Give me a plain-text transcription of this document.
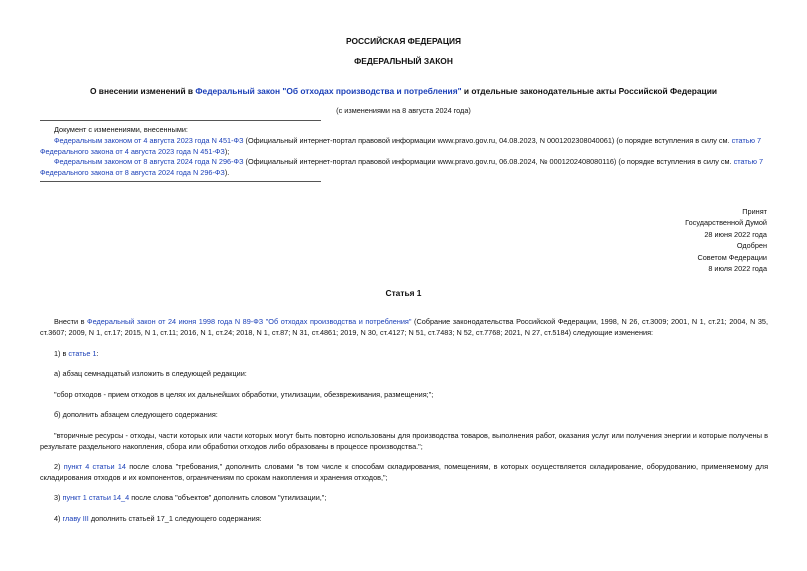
РОССИЙСКАЯ ФЕДЕРАЦИЯ
ФЕДЕРАЛЬНЫЙ ЗАКОН
О внесении изменений в Федеральный закон "Об отходах производства и потребления" и отдельные законодательные акты Российской Федерации
(с изменениями на 8 августа 2024 года)
Документ с изменениями, внесенными:
Федеральным законом от 4 августа 2023 года N 451-ФЗ (Официальный интернет-портал правовой информации www.pravo.gov.ru, 04.08.2023, N 0001202308040061) (о порядке вступления в силу см. статью 7 Федерального закона от 4 августа 2023 года N 451-ФЗ);
Федеральным законом от 8 августа 2024 года N 296-ФЗ (Официальный интернет-портал правовой информации www.pravo.gov.ru, 06.08.2024, № 0001202408080116) (о порядке вступления в силу см. статью 7 Федерального закона от 8 августа 2024 года N 296-ФЗ).
Принят
Государственной Думой
28 июня 2022 года
Одобрен
Советом Федерации
8 июля 2022 года
Статья 1
Внести в Федеральный закон от 24 июня 1998 года N 89-ФЗ "Об отходах производства и потребления" (Собрание законодательства Российской Федерации, 1998, N 26, ст.3009; 2001, N 1, ст.21; 2004, N 35, ст.3607; 2009, N 1, ст.17; 2015, N 1, ст.11; 2016, N 1, ст.24; 2018, N 1, ст.87; N 31, ст.4861; 2019, N 30, ст.4127; N 51, ст.7483; N 52, ст.7768; 2021, N 27, ст.5184) следующие изменения:
1) в статье 1:
а) абзац семнадцатый изложить в следующей редакции:
"сбор отходов - прием отходов в целях их дальнейших обработки, утилизации, обезвреживания, размещения;";
б) дополнить абзацем следующего содержания:
"вторичные ресурсы - отходы, части которых или части которых могут быть повторно использованы для производства товаров, выполнения работ, оказания услуг или получения энергии и которые получены в результате раздельного накопления, сбора или обработки отходов либо образованы в процессе производства.";
2) пункт 4 статьи 14 после слова "требования," дополнить словами "в том числе к способам складирования, помещениям, в которых осуществляется складирование, оборудованию, применяемому для складирования отходов и их компонентов, ограничениям по срокам накопления и хранения отходов,";
3) пункт 1 статьи 14_4 после слова "объектов" дополнить словом "утилизации,";
4) главу III дополнить статьей 17_1 следующего содержания:
